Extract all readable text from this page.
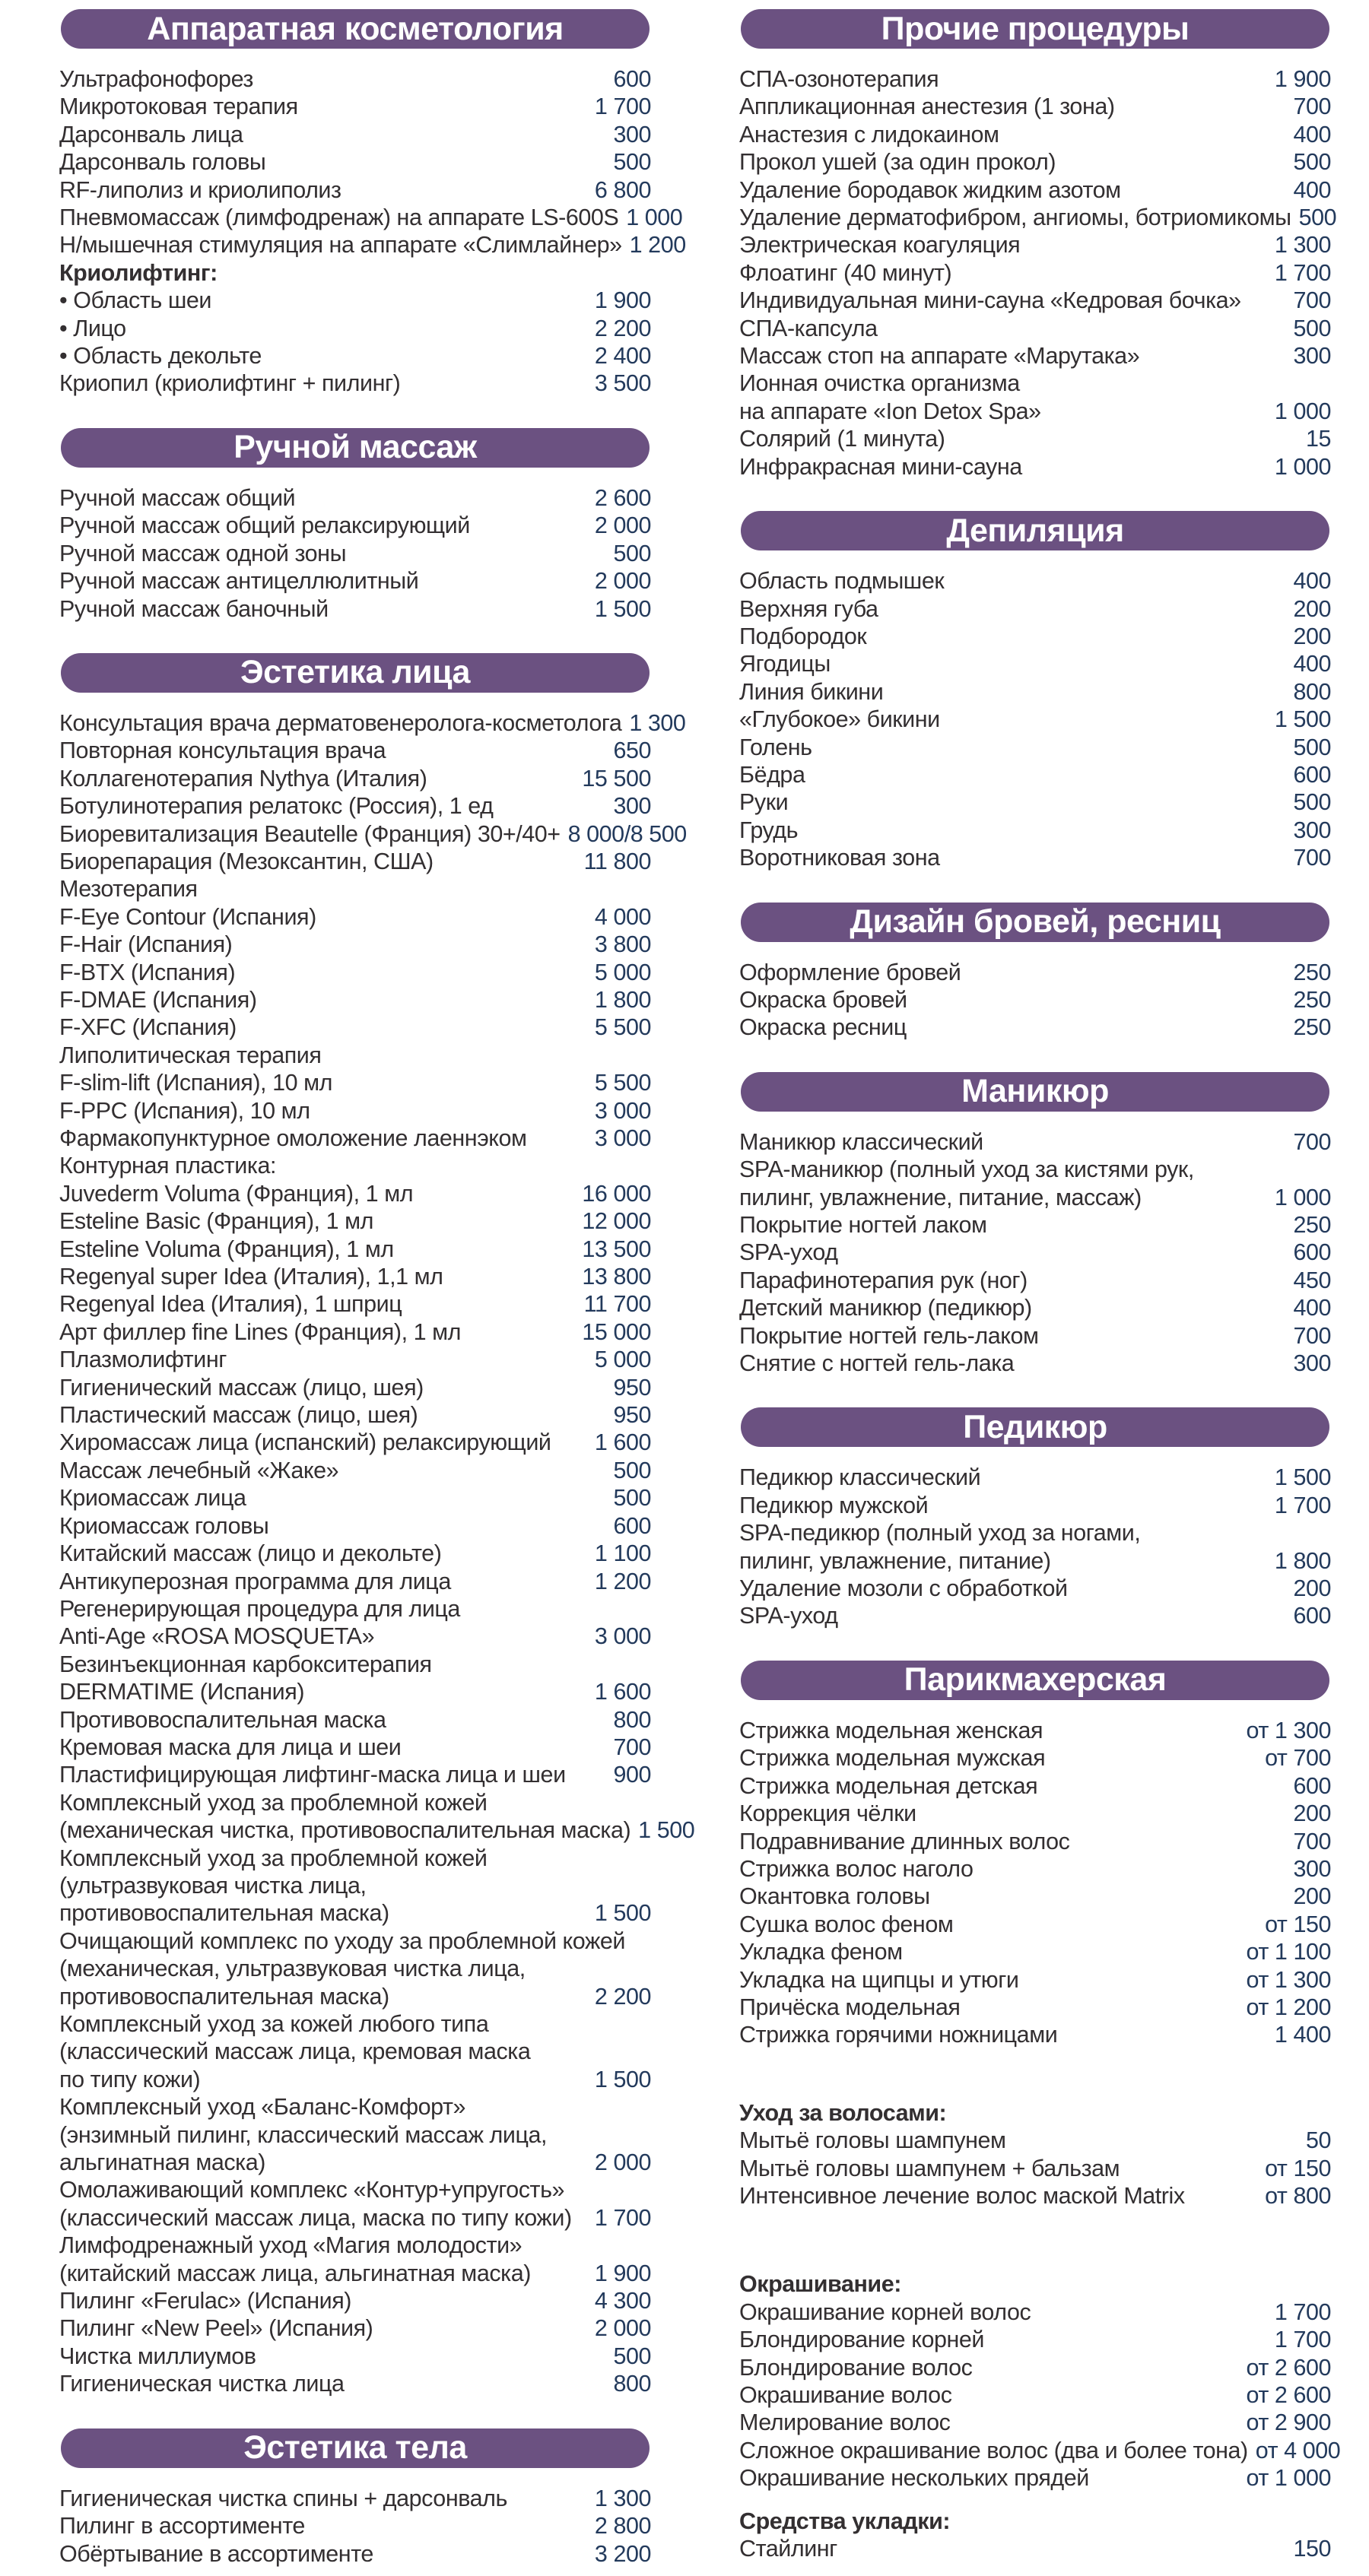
Аппаратная косметология
Ультрафонофорез	600
Микротоковая терапия	1 700
Дарсонваль лица	300
Дарсонваль головы	500
RF-липолиз и криолиполиз	6 800
Пневмомассаж (лимфодренаж) на аппарате LS-600S 1 000
Н/мышечная стимуляция на аппарате «Слимлайнер» 1 200
Криолифтинг:
• Область шеи	1 900
• Лицо	2 200
• Область декольте	2 400
Криопил (криолифтинг + пилинг)	3 500
Ручной массаж
Ручной массаж общий	2 600
Ручной массаж общий релаксирующий	2 000
Ручной массаж одной зоны	500
Ручной массаж антицеллюлитный	2 000
Ручной массаж баночный	1 500
Эстетика лица
Консультация врача дерматовенеролога-косметолога 1 300
Повторная консультация врача	650
Коллагенотерапия Nythya (Италия)	15 500
Ботулинотерапия релатокс (Россия), 1 ед	300
Биоревитализация Beautelle (Франция) 30+/40+ 8 000/8 500
Биорепарация (Мезоксантин, США)	11 800
Мезотерапия
F-Eye Contour (Испания)	4 000
F-Hair (Испания)	3 800
F-BTX (Испания)	5 000
F-DMAE (Испания)	1 800
F-XFC (Испания)	5 500
Липолитическая терапия
F-slim-lift (Испания), 10 мл	5 500
F-PPC (Испания), 10 мл	3 000
Фармакопунктурное омоложение лаеннэком	3 000
Контурная пластика:
Juvederm Voluma (Франция), 1 мл	16 000
Esteline Basic (Франция), 1 мл	12 000
Esteline Voluma (Франция), 1 мл	13 500
Regenyal super Idea (Италия), 1,1 мл	13 800
Regenyal Idea (Италия), 1 шприц	11 700
Арт филлер fine Lines (Франция), 1 мл	15 000
Плазмолифтинг	5 000
Гигиенический массаж (лицо, шея)	950
Пластический массаж (лицо, шея)	950
Хиромассаж лица (испанский) релаксирующий	1 600
Массаж лечебный «Жаке»	500
Криомассаж лица	500
Криомассаж головы	600
Китайский массаж (лицо и декольте)	1 100
Антикуперозная программа для лица	1 200
Регенерирующая процедура для лица
Anti-Age «ROSA MOSQUETA»	3 000
Безинъекционная карбокситерапия
DERMATIME (Испания)	1 600
Противовоспалительная маска	800
Кремовая маска для лица и шеи	700
Пластифицирующая лифтинг-маска лица и шеи	900
Комплексный уход за проблемной кожей
(механическая чистка, противовоспалительная маска) 1 500
Комплексный уход за проблемной кожей
(ультразвуковая чистка лица,
противовоспалительная маска)	1 500
Очищающий комплекс по уходу за проблемной кожей
(механическая, ультразвуковая чистка лица,
противовоспалительная маска)	2 200
Комплексный уход за кожей любого типа
(классический массаж лица, кремовая маска
по типу кожи)	1 500
Комплексный уход «Баланс-Комфорт»
(энзимный пилинг, классический массаж лица,
альгинатная маска)	2 000
Омолаживающий комплекс «Контур+упругость»
(классический массаж лица, маска по типу кожи) 1 700
Лимфодренажный уход «Магия молодости»
(китайский массаж лица, альгинатная маска)	1 900
Пилинг «Ferulac» (Испания)	4 300
Пилинг «New Peel» (Испания)	2 000
Чистка миллиумов	500
Гигиеническая чистка лица	800
Эстетика тела
Гигиеническая чистка спины + дарсонваль	1 300
Пилинг в ассортименте	2 800
Обёртывание в ассортименте	3 200
Прочие процедуры
СПА-озонотерапия	1 900
Аппликационная анестезия (1 зона)	700
Анастезия с лидокаином	400
Прокол ушей (за один прокол)	500
Удаление бородавок жидким азотом	400
Удаление дерматофибром, ангиомы, ботриомикомы 500
Электрическая коагуляция	1 300
Флоатинг (40 минут)	1 700
Индивидуальная мини-сауна «Кедровая бочка»	700
СПА-капсула	500
Массаж стоп на аппарате «Марутака»	300
Ионная очистка организма
на аппарате «Ion Detox Spa»	1 000
Солярий (1 минута)	15
Инфракрасная мини-сауна	1 000
Депиляция
Область подмышек	400
Верхняя губа	200
Подбородок	200
Ягодицы	400
Линия бикини	800
«Глубокое» бикини	1 500
Голень	500
Бёдра	600
Руки	500
Грудь	300
Воротниковая зона	700
Дизайн бровей, ресниц
Оформление бровей	250
Окраска бровей	250
Окраска ресниц	250
Маникюр
Маникюр классический	700
SPA-маникюр (полный уход за кистями рук,
пилинг, увлажнение, питание, массаж)	1 000
Покрытие ногтей лаком	250
SPA-уход	600
Парафинотерапия рук (ног)	450
Детский маникюр (педикюр)	400
Покрытие ногтей гель-лаком	700
Снятие с ногтей гель-лака	300
Педикюр
Педикюр классический	1 500
Педикюр мужской	1 700
SPA-педикюр (полный уход за ногами,
пилинг, увлажнение, питание)	1 800
Удаление мозоли с обработкой	200
SPA-уход	600
Парикмахерская
Стрижка модельная женская	от 1 300
Стрижка модельная мужская	от 700
Стрижка модельная детская	600
Коррекция чёлки	200
Подравнивание длинных волос	700
Стрижка волос наголо	300
Окантовка головы	200
Сушка волос феном	от 150
Укладка феном	от 1 100
Укладка на щипцы и утюги	от 1 300
Причёска модельная	от 1 200
Стрижка горячими ножницами	1 400
Уход за волосами:
Мытьё головы шампунем	50
Мытьё головы шампунем + бальзам	от 150
Интенсивное лечение волос маской Matrix	от 800
Окрашивание:
Окрашивание корней волос	1 700
Блондирование корней	1 700
Блондирование волос	от 2 600
Окрашивание волос	от 2 600
Мелирование волос	от 2 900
Сложное окрашивание волос (два и более тона) от 4 000
Окрашивание нескольких прядей	от 1 000
Средства укладки:
Стайлинг	150
